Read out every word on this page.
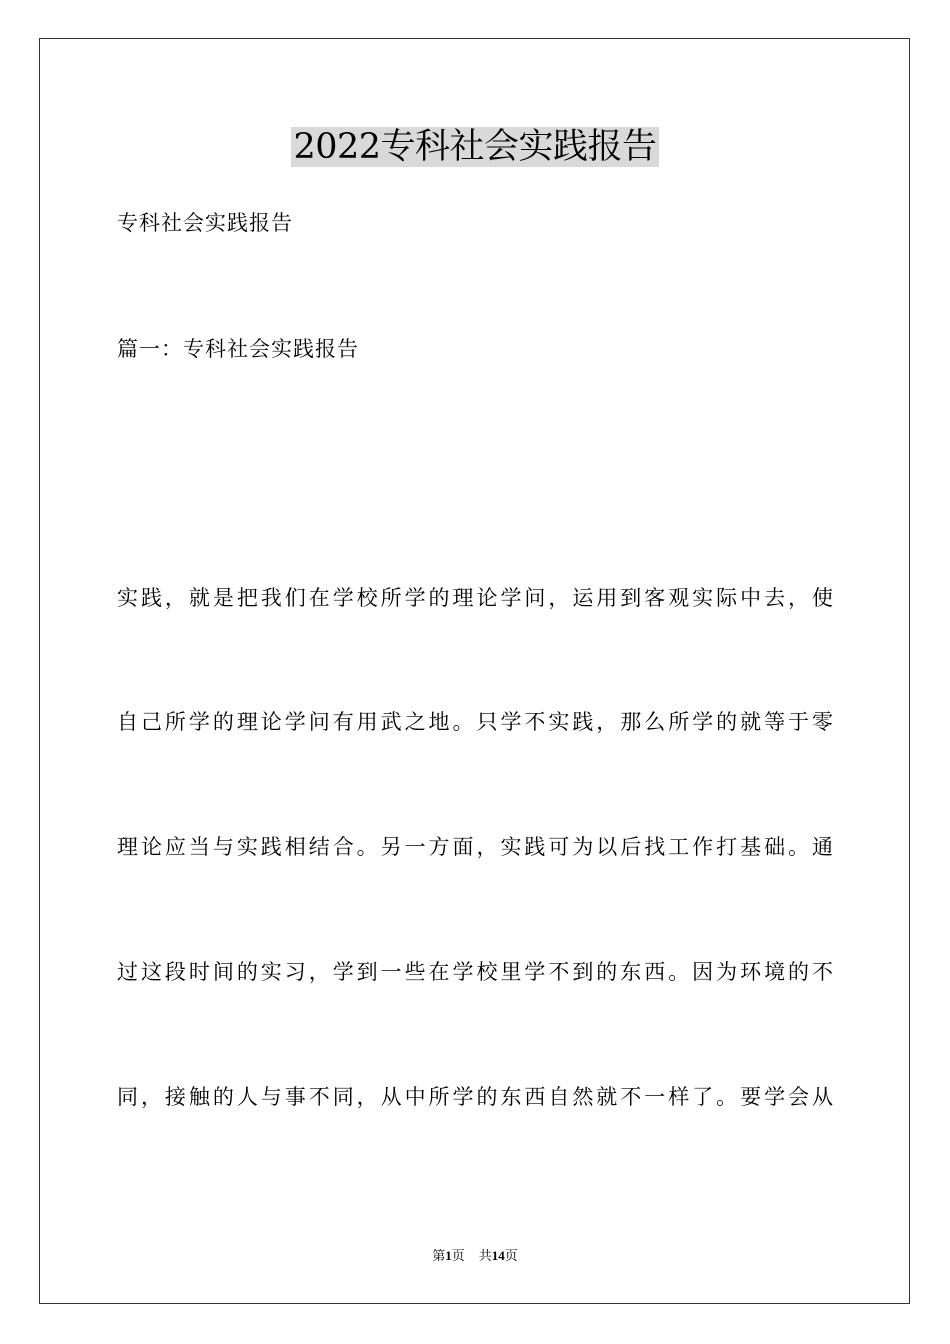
2022专科社会实践报告
专科社会实践报告
篇一：专科社会实践报告
实践，就是把我们在学校所学的理论学问，运用到客观实际中去，使
自己所学的理论学问有用武之地。只学不实践，那么所学的就等于零
理论应当与实践相结合。另一方面，实践可为以后找工作打基础。通
过这段时间的实习，学到一些在学校里学不到的东西。因为环境的不
同，接触的人与事不同，从中所学的东西自然就不一样了。要学会从
第1页 共14页
